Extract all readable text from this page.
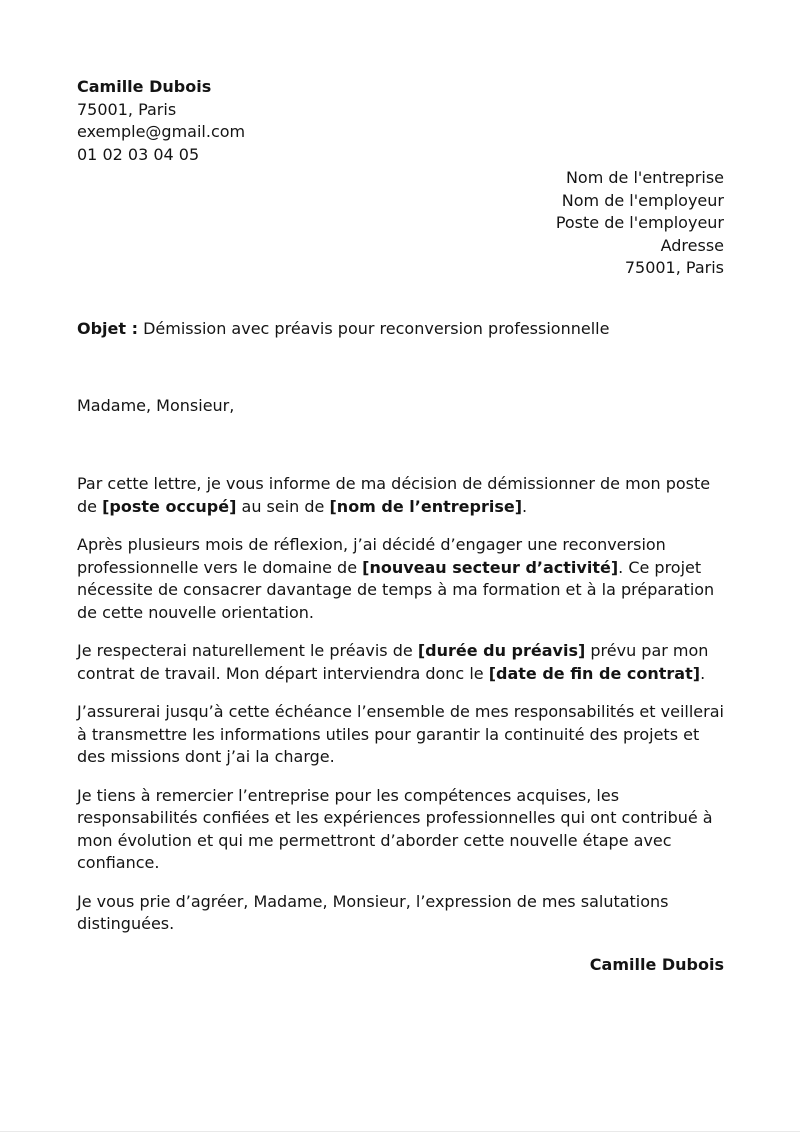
Camille Dubois
75001, Paris
exemple@gmail.com
01 02 03 04 05
Nom de l'entreprise
Nom de l'employeur
Poste de l'employeur
Adresse
75001, Paris
Objet : Démission avec préavis pour reconversion professionnelle
Madame, Monsieur,

Par cette lettre, je vous informe de ma décision de démissionner de mon poste de [poste occupé] au sein de [nom de l’entreprise].

Après plusieurs mois de réflexion, j’ai décidé d’engager une reconversion professionnelle vers le domaine de [nouveau secteur d’activité]. Ce projet nécessite de consacrer davantage de temps à ma formation et à la préparation de cette nouvelle orientation.

Je respecterai naturellement le préavis de [durée du préavis] prévu par mon contrat de travail. Mon départ interviendra donc le [date de fin de contrat].

J’assurerai jusqu’à cette échéance l’ensemble de mes responsabilités et veillerai à transmettre les informations utiles pour garantir la continuité des projets et des missions dont j’ai la charge.

Je tiens à remercier l’entreprise pour les compétences acquises, les responsabilités confiées et les expériences professionnelles qui ont contribué à mon évolution et qui me permettront d’aborder cette nouvelle étape avec confiance.

Je vous prie d’agréer, Madame, Monsieur, l’expression de mes salutations distinguées.

Camille Dubois
